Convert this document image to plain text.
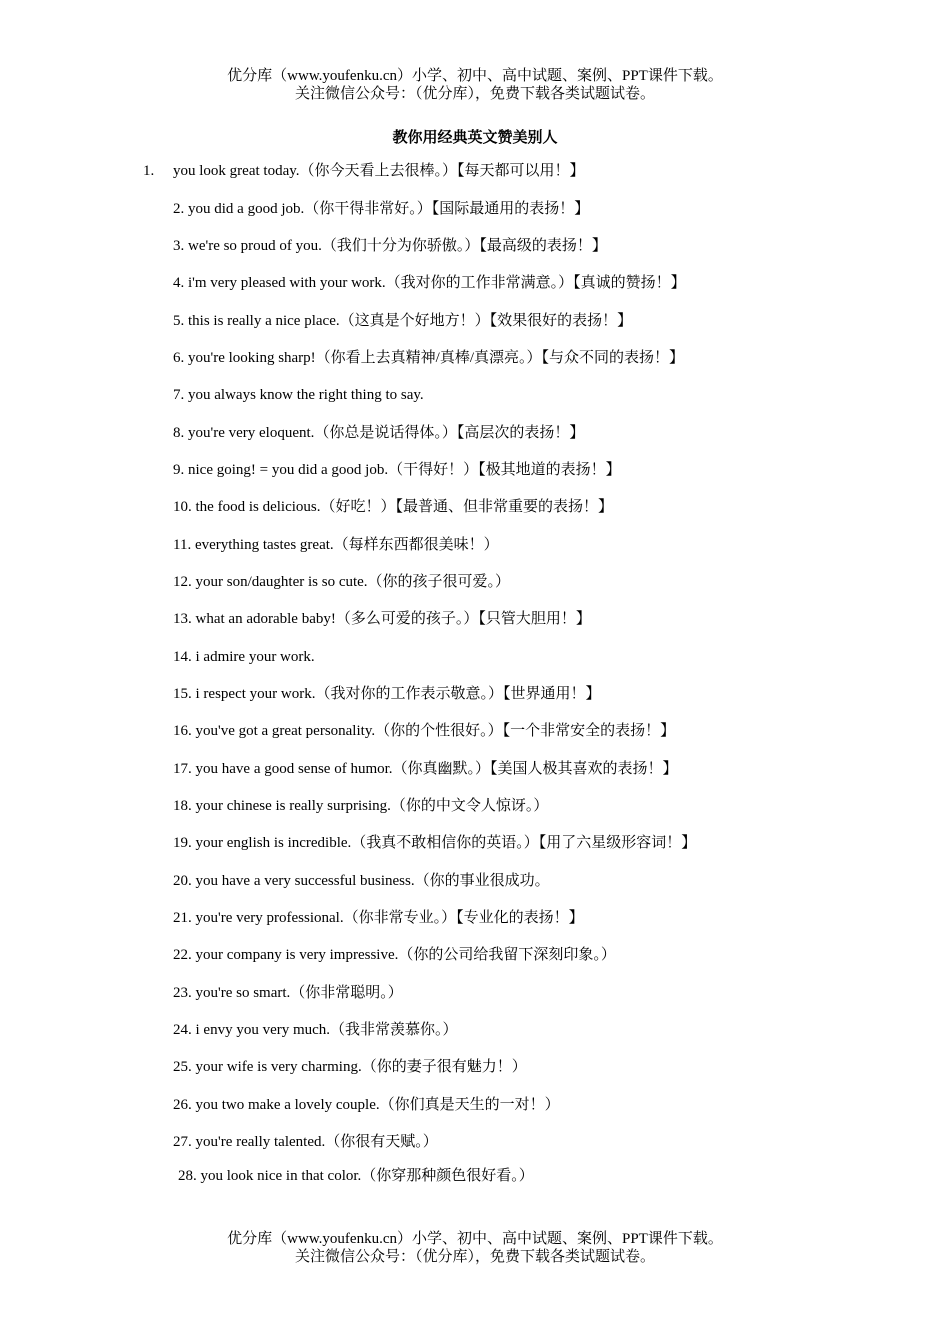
优分库（www.youfenku.cn）小学、初中、高中试题、案例、PPT课件下载。
关注微信公众号：（优分库），免费下载各类试题试卷。
教你用经典英文赞美别人
1. you look great today.（你今天看上去很棒。）【每天都可以用！】
2. you did a good job.（你干得非常好。）【国际最通用的表扬！】
3. we're so proud of you.（我们十分为你骄傲。）【最高级的表扬！】
4. i'm very pleased with your work.（我对你的工作非常满意。）【真诚的赞扬！】
5. this is really a nice place.（这真是个好地方！）【效果很好的表扬！】
6. you're looking sharp!（你看上去真精神/真棒/真漂亮。）【与众不同的表扬！】
7. you always know the right thing to say.
8. you're very eloquent.（你总是说话得体。）【高层次的表扬！】
9. nice going! = you did a good job.（干得好！）【极其地道的表扬！】
10. the food is delicious.（好吃！）【最普通、但非常重要的表扬！】
11. everything tastes great.（每样东西都很美味！）
12. your son/daughter is so cute.（你的孩子很可爱。）
13. what an adorable baby!（多么可爱的孩子。）【只管大胆用！】
14. i admire your work.
15. i respect your work.（我对你的工作表示敬意。）【世界通用！】
16. you've got a great personality.（你的个性很好。）【一个非常安全的表扬！】
17. you have a good sense of humor.（你真幽默。）【美国人极其喜欢的表扬！】
18. your chinese is really surprising.（你的中文令人惊讶。）
19. your english is incredible.（我真不敢相信你的英语。）【用了六星级形容词！】
20. you have a very successful business.（你的事业很成功。
21. you're very professional.（你非常专业。）【专业化的表扬！】
22. your company is very impressive.（你的公司给我留下深刻印象。）
23. you're so smart.（你非常聪明。）
24. i envy you very much.（我非常羡慕你。）
25. your wife is very charming.（你的妻子很有魅力！）
26. you two make a lovely couple.（你们真是天生的一对！）
27. you're really talented.（你很有天赋。）
28. you look nice in that color.（你穿那种颜色很好看。）
优分库（www.youfenku.cn）小学、初中、高中试题、案例、PPT课件下载。
关注微信公众号：（优分库），免费下载各类试题试卷。
